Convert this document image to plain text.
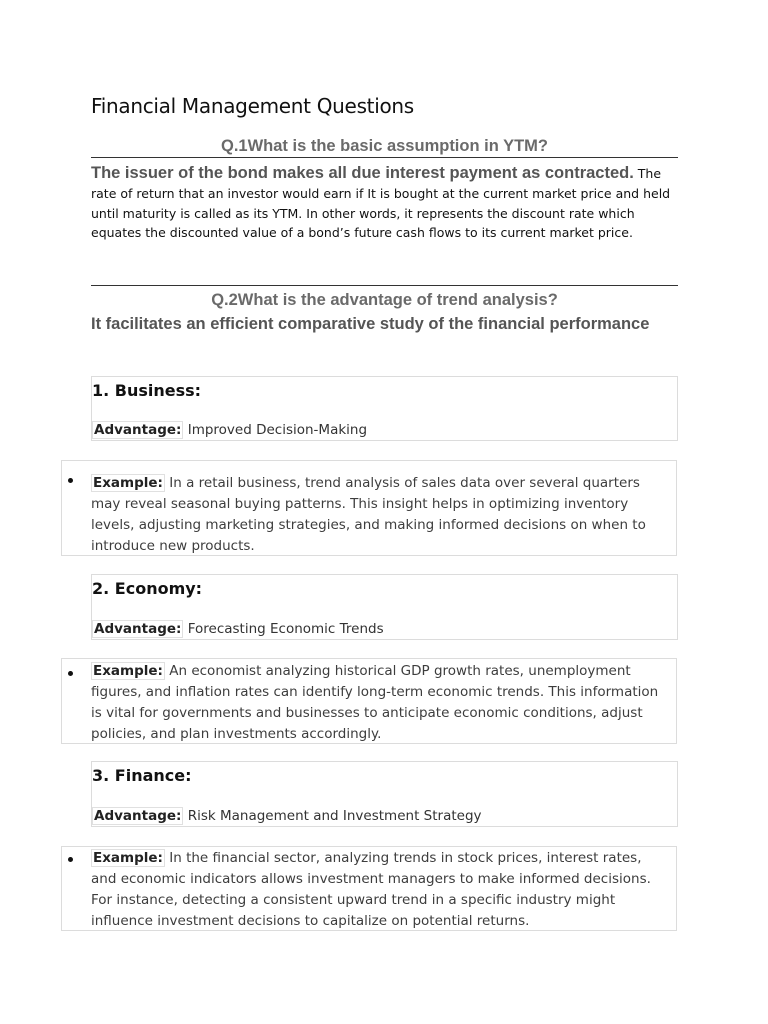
Financial Management Questions
Q.1What is the basic assumption in YTM?
The issuer of the bond makes all due interest payment as contracted. The rate of return that an investor would earn if It is bought at the current market price and held until maturity is called as its YTM. In other words, it represents the discount rate which equates the discounted value of a bond’s future cash flows to its current market price.
Q.2What is the advantage of trend analysis?
It facilitates an efficient comparative study of the financial performance
1. Business:
Advantage: Improved Decision-Making
Example: In a retail business, trend analysis of sales data over several quarters may reveal seasonal buying patterns. This insight helps in optimizing inventory levels, adjusting marketing strategies, and making informed decisions on when to introduce new products.
2. Economy:
Advantage: Forecasting Economic Trends
Example: An economist analyzing historical GDP growth rates, unemployment figures, and inflation rates can identify long-term economic trends. This information is vital for governments and businesses to anticipate economic conditions, adjust policies, and plan investments accordingly.
3. Finance:
Advantage: Risk Management and Investment Strategy
Example: In the financial sector, analyzing trends in stock prices, interest rates, and economic indicators allows investment managers to make informed decisions. For instance, detecting a consistent upward trend in a specific industry might influence investment decisions to capitalize on potential returns.
